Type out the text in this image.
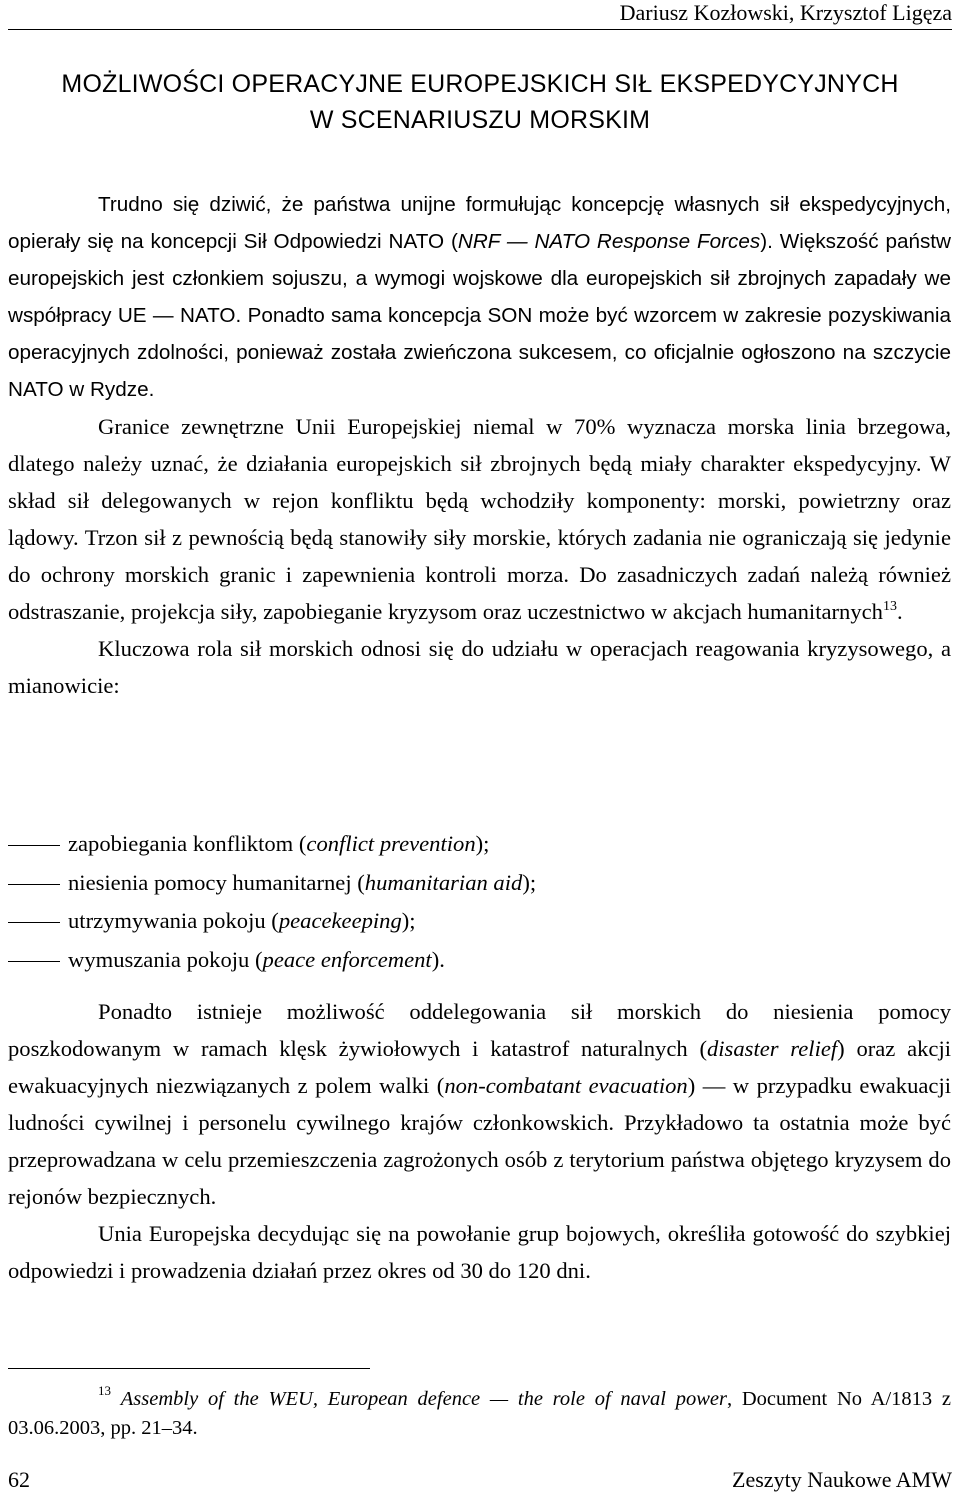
Dariusz Kozłowski, Krzysztof Ligęza
MOŻLIWOŚCI OPERACYJNE EUROPEJSKICH SIŁ EKSPEDYCYJNYCH
W SCENARIUSZU MORSKIM

Trudno się dziwić, że państwa unijne formułując koncepcję własnych sił ekspedycyjnych, opierały się na koncepcji Sił Odpowiedzi NATO (NRF — NATO Response Forces). Większość państw europejskich jest członkiem sojuszu, a wymogi wojskowe dla europejskich sił zbrojnych zapadały we współpracy UE — NATO. Ponadto sama koncepcja SON może być wzorcem w zakresie pozyskiwania operacyjnych zdolności, ponieważ została zwieńczona sukcesem, co oficjalnie ogłoszono na szczycie NATO w Rydze.

Granice zewnętrzne Unii Europejskiej niemal w 70% wyznacza morska linia brzegowa, dlatego należy uznać, że działania europejskich sił zbrojnych będą miały charakter ekspedycyjny. W skład sił delegowanych w rejon konfliktu będą wchodziły komponenty: morski, powietrzny oraz lądowy. Trzon sił z pewnością będą stanowiły siły morskie, których zadania nie ograniczają się jedynie do ochrony morskich granic i zapewnienia kontroli morza. Do zasadniczych zadań należą również odstraszanie, projekcja siły, zapobieganie kryzysom oraz uczestnictwo w akcjach humanitarnych$^{13}$.

Kluczowa rola sił morskich odnosi się do udziału w operacjach reagowania kryzysowego, a mianowicie:

zapobiegania konfliktom (conflict prevention);
niesienia pomocy humanitarnej (humanitarian aid);
utrzymywania pokoju (peacekeeping);
wymuszania pokoju (peace enforcement).

Ponadto istnieje możliwość oddelegowania sił morskich do niesienia pomocy poszkodowanym w ramach klęsk żywiołowych i katastrof naturalnych (disaster relief) oraz akcji ewakuacyjnych niezwiązanych z polem walki (non-combatant evacuation) — w przypadku ewakuacji ludności cywilnej i personelu cywilnego krajów członkowskich. Przykładowo ta ostatnia może być przeprowadzana w celu przemieszczenia zagrożonych osób z terytorium państwa objętego kryzysem do rejonów bezpiecznych.

Unia Europejska decydując się na powołanie grup bojowych, określiła gotowość do szybkiej odpowiedzi i prowadzenia działań przez okres od 30 do 120 dni.

$^{13}$ Assembly of the WEU, European defence — the role of naval power, Document No A/1813 z 03.06.2003, pp. 21–34.
62	Zeszyty Naukowe AMW
